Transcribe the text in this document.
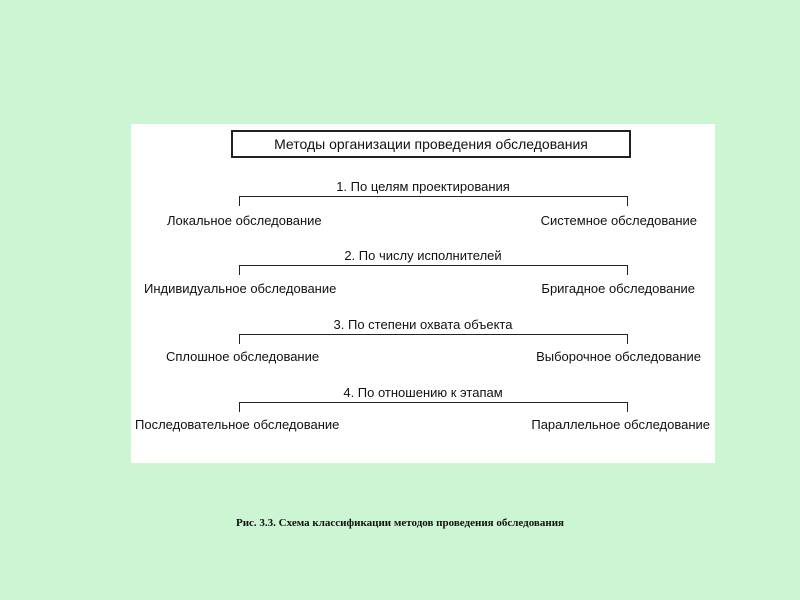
Методы организации проведения обследования
1. По целям проектирования
Локальное обследование	Системное обследование
2. По числу исполнителей
Индивидуальное обследование	Бригадное обследование
3. По степени охвата объекта
Сплошное обследование	Выборочное обследование
4. По отношению к этапам
Последовательное обследование	Параллельное обследование
Рис. 3.3. Схема классификации методов проведения обследования
